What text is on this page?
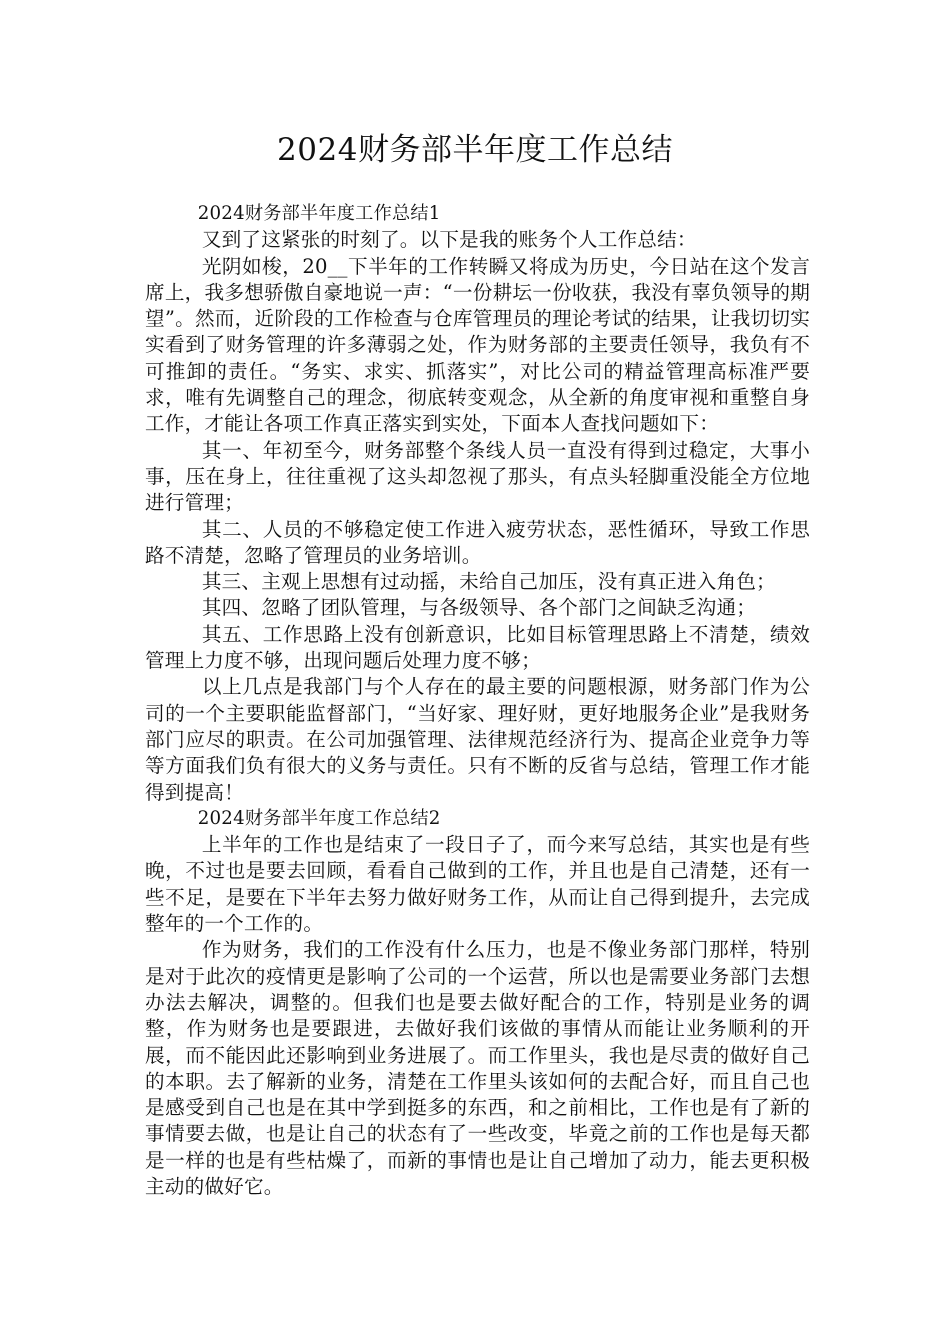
2024财务部半年度工作总结

2024财务部半年度工作总结1

又到了这紧张的时刻了。以下是我的账务个人工作总结：

光阴如梭，20__下半年的工作转瞬又将成为历史，今日站在这个发言席上，我多想骄傲自豪地说一声：“一份耕坛一份收获，我没有辜负领导的期望”。然而，近阶段的工作检查与仓库管理员的理论考试的结果，让我切切实实看到了财务管理的许多薄弱之处，作为财务部的主要责任领导，我负有不可推卸的责任。“务实、求实、抓落实”，对比公司的精益管理高标准严要求，唯有先调整自己的理念，彻底转变观念，从全新的角度审视和重整自身工作，才能让各项工作真正落实到实处，下面本人查找问题如下：

其一、年初至今，财务部整个条线人员一直没有得到过稳定，大事小事，压在身上，往往重视了这头却忽视了那头，有点头轻脚重没能全方位地进行管理；

其二、人员的不够稳定使工作进入疲劳状态，恶性循环，导致工作思路不清楚，忽略了管理员的业务培训。

其三、主观上思想有过动摇，未给自己加压，没有真正进入角色；

其四、忽略了团队管理，与各级领导、各个部门之间缺乏沟通；

其五、工作思路上没有创新意识，比如目标管理思路上不清楚，绩效管理上力度不够，出现问题后处理力度不够；

以上几点是我部门与个人存在的最主要的问题根源，财务部门作为公司的一个主要职能监督部门，“当好家、理好财，更好地服务企业”是我财务部门应尽的职责。在公司加强管理、法律规范经济行为、提高企业竞争力等等方面我们负有很大的义务与责任。只有不断的反省与总结，管理工作才能得到提高！

2024财务部半年度工作总结2

上半年的工作也是结束了一段日子了，而今来写总结，其实也是有些晚，不过也是要去回顾，看看自己做到的工作，并且也是自己清楚，还有一些不足，是要在下半年去努力做好财务工作，从而让自己得到提升，去完成整年的一个工作的。

作为财务，我们的工作没有什么压力，也是不像业务部门那样，特别是对于此次的疫情更是影响了公司的一个运营，所以也是需要业务部门去想办法去解决，调整的。但我们也是要去做好配合的工作，特别是业务的调整，作为财务也是要跟进，去做好我们该做的事情从而能让业务顺利的开展，而不能因此还影响到业务进展了。而工作里头，我也是尽责的做好自己的本职。去了解新的业务，清楚在工作里头该如何的去配合好，而且自己也是感受到自己也是在其中学到挺多的东西，和之前相比，工作也是有了新的事情要去做，也是让自己的状态有了一些改变，毕竟之前的工作也是每天都是一样的也是有些枯燥了，而新的事情也是让自己增加了动力，能去更积极主动的做好它。
